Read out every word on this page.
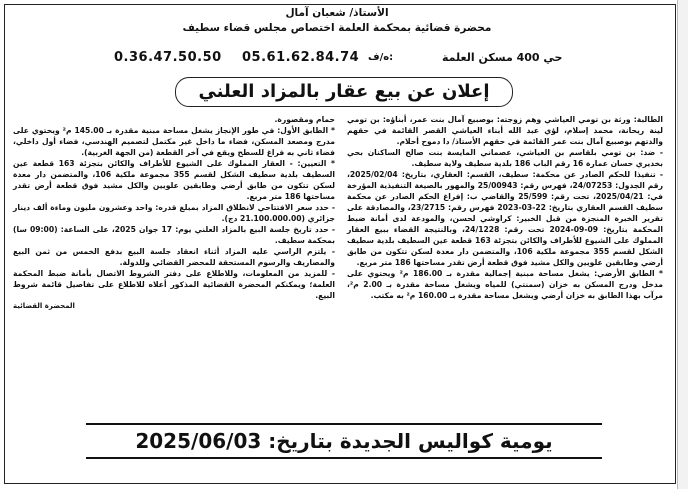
الأستاذ/ شعبان آمال
محضرة قضائية بمحكمة العلمة اختصاص مجلس قضاء سطيف
0.36.47.50.50 05.61.62.84.74 ه/ف:	حي 400 مسكن العلمة
إعلان عن بيع عقار بالمزاد العلني

الطالبة: ورثة بن تومي العياشي وهم زوجته: بوصبيع آمال بنت عمر، أبناؤه: بن تومي لينة ريحانة، محمد إسلام، لؤي عبد الله أبناء العياشي القصر القائمة في حقهم والدتهم بوصبيع آمال بنت عمر القائمة في حقهم الأستاذ/ دا دموح أحلام.

- ضد: بن تومي بلقاسم بن العياشي، عصماني المايسة بنت صالح الساكنان بحي بخديري حسان عمارة 16 رقم الباب 186 بلدية سطيف ولاية سطيف.

- تنفيذا للحكم الصادر عن محكمة: سطيف، القسم: العقاري، بتاريخ: 2025/02/04، رقم الجدول: 24/07253، فهرس رقم: 25/00943 والمهور بالصيغة التنفيذية المؤرخة في: 2025/04/21، تحت رقم: 25/599 والقاضي ب: إفراغ الحكم الصادر عن محكمة سطيف القسم العقاري بتاريخ: 22-03-2023 فهرس رقم: 23/2715، والمصادقة على تقرير الخبرة المنجزة من قبل الخبير: كراوشي لحسن، والمودعة لدى أمانة ضبط المحكمة بتاريخ: 09-09-2024 تحت رقم: 24/1228، وبالنتيجة القضاء ببيع العقار المملوك على الشيوع للأطراف والكائن بتجزئة 163 قطعة عين السطيف بلدية سطيف الشكل لقسم 355 مجموعة ملكية 106، والمتضمن دار معدة لسكن تتكون من طابق أرضي وطابقين علويين والكل مشيد فوق قطعة أرض تقدر مساحتها 186 متر مربع.

* الطابق الأرضي: يشغل مساحة مبنية إجمالية مقدرة بـ 186.00 م² ويحتوي على مدخل ودرج المسكن به خزان (سمنتي) للمياه ويشغل مساحة مقدرة بـ 2.00 م²، مرآب بهذا الطابق به خزان أرضي ويشغل مساحة مقدرة بـ 160.00 م² به مكتب.

حمام ومقصورة.

* الطابق الأول: في طور الإنجاز يشغل مساحة مبنية مقدرة بـ 145.00 م² ويحتوي على مدرج ومصعد المسكن، فضاء ما داخل غير مكتمل لتصميم الهندسي، فضاء أول داخلي، فضاء ثاني به فراغ للسطح ويقع في آخر القطعة (من الجهة الغربية).

* التعيين: - العقار المملوك على الشيوع للأطراف والكائن بتجزئة 163 قطعة عين السطيف بلدية سطيف الشكل لقسم 355 مجموعة ملكية 106، والمتضمن دار معدة لسكن تتكون من طابق أرضي وطابقين علويين والكل مشيد فوق قطعة أرض تقدر مساحتها 186 متر مربع.

- حدد سعر الافتتاحي لانطلاق المزاد بمبلغ قدره: واحد وعشرون مليون وماءة ألف دينار جزائري (21.100.000.00 دج).

- حدد تاريخ جلسة البيع بالمزاد العلني يوم: 17 جوان 2025، على الساعة: (09:00 سا) بمحكمة سطيف.

- يلتزم الراسي عليه المزاد أثناء انعقاد جلسة البيع بدفع الخمس من ثمن البيع والمصاريف والرسوم المستحقة للمحضر القضائي وللدولة.

- للمزيد من المعلومات، وللاطلاع على دفتر الشروط الاتصال بأمانة ضبط المحكمة العلمة؛ ويمكنكم المحضرة القضائية المذكور أعلاه للاطلاع على تفاصيل قائمة شروط البيع.

المحضرة القضائية

يومية كواليس الجديدة بتاريخ: 2025/06/03
